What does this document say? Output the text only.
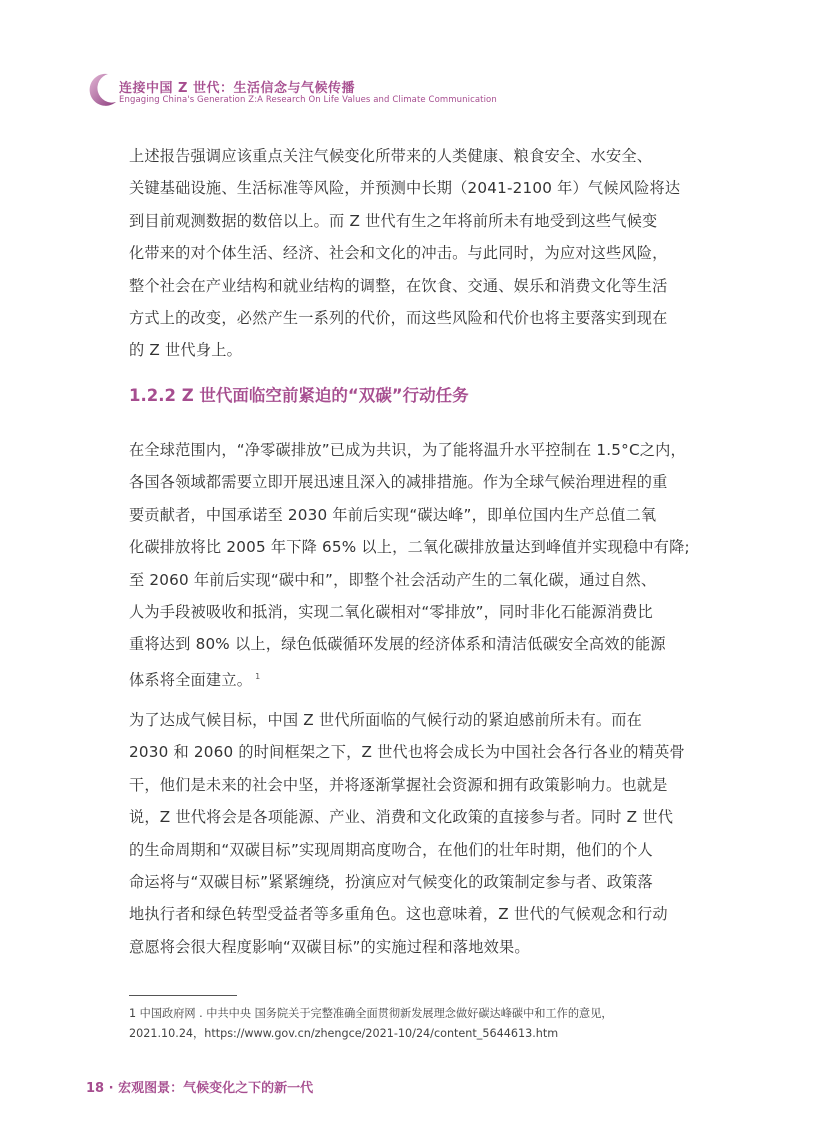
连接中国 Z 世代：生活信念与气候传播
Engaging China's Generation Z:A Research On Life Values and Climate Communication
上述报告强调应该重点关注气候变化所带来的人类健康、粮食安全、水安全、
关键基础设施、生活标准等风险，并预测中长期（2041-2100 年）气候风险将达
到目前观测数据的数倍以上。而 Z 世代有生之年将前所未有地受到这些气候变
化带来的对个体生活、经济、社会和文化的冲击。与此同时，为应对这些风险，
整个社会在产业结构和就业结构的调整，在饮食、交通、娱乐和消费文化等生活
方式上的改变，必然产生一系列的代价，而这些风险和代价也将主要落实到现在
的 Z 世代身上。
1.2.2 Z 世代面临空前紧迫的“双碳”行动任务
在全球范围内，“净零碳排放”已成为共识，为了能将温升水平控制在 1.5°C之内，
各国各领域都需要立即开展迅速且深入的减排措施。作为全球气候治理进程的重
要贡献者，中国承诺至 2030 年前后实现“碳达峰”，即单位国内生产总值二氧
化碳排放将比 2005 年下降 65% 以上，二氧化碳排放量达到峰值并实现稳中有降;
至 2060 年前后实现“碳中和”，即整个社会活动产生的二氧化碳，通过自然、
人为手段被吸收和抵消，实现二氧化碳相对“零排放”，同时非化石能源消费比
重将达到 80% 以上，绿色低碳循环发展的经济体系和清洁低碳安全高效的能源
体系将全面建立。 $^1$
为了达成气候目标，中国 Z 世代所面临的气候行动的紧迫感前所未有。而在
2030 和 2060 的时间框架之下，Z 世代也将会成长为中国社会各行各业的精英骨
干，他们是未来的社会中坚，并将逐渐掌握社会资源和拥有政策影响力。也就是
说，Z 世代将会是各项能源、产业、消费和文化政策的直接参与者。同时 Z 世代
的生命周期和“双碳目标”实现周期高度吻合，在他们的壮年时期，他们的个人
命运将与“双碳目标”紧紧缠绕，扮演应对气候变化的政策制定参与者、政策落
地执行者和绿色转型受益者等多重角色。这也意味着，Z 世代的气候观念和行动
意愿将会很大程度影响“双碳目标”的实施过程和落地效果。
1 中国政府网 . 中共中央 国务院关于完整准确全面贯彻新发展理念做好碳达峰碳中和工作的意见，
2021.10.24，https://www.gov.cn/zhengce/2021-10/24/content_5644613.htm
18 · 宏观图景：气候变化之下的新一代
